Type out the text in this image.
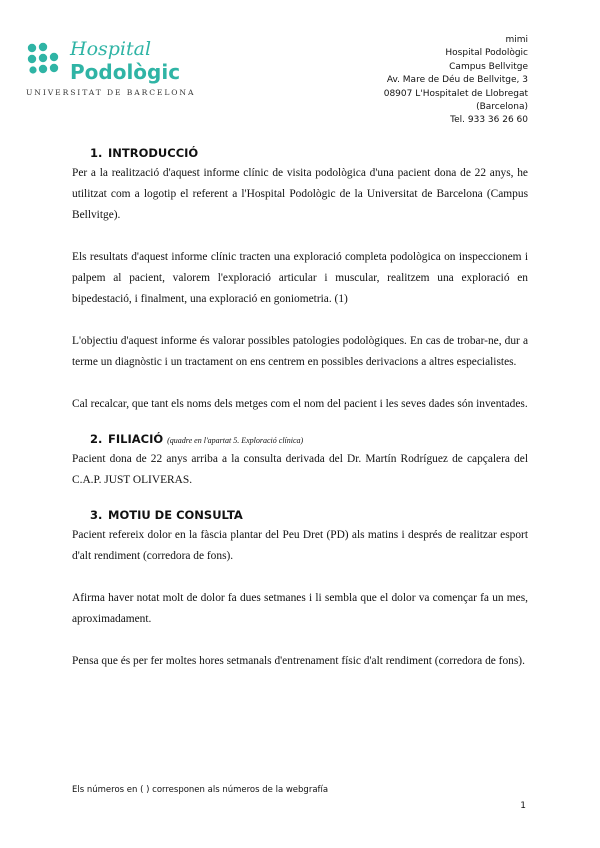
Hospital
Podològic
UNIVERSITAT DE BARCELONA
mimi
Hospital Podològic
Campus Bellvitge
Av. Mare de Déu de Bellvitge, 3
08907 L'Hospitalet de Llobregat
(Barcelona)
Tel. 933 36 26 60
1. INTRODUCCIÓ

Per a la realització d'aquest informe clínic de visita podològica d'una pacient dona de 22 anys, he utilitzat com a logotip el referent a l'Hospital Podològic de la Universitat de Barcelona (Campus Bellvitge).

Els resultats d'aquest informe clínic tracten una exploració completa podològica on inspeccionem i palpem al pacient, valorem l'exploració articular i muscular, realitzem una exploració en bipedestació, i finalment, una exploració en goniometria. (1)

L'objectiu d'aquest informe és valorar possibles patologies podològiques. En cas de trobar-ne, dur a terme un diagnòstic i un tractament on ens centrem en possibles derivacions a altres especialistes.

Cal recalcar, que tant els noms dels metges com el nom del pacient i les seves dades són inventades.

2. FILIACIÓ (quadre en l'apartat 5. Exploració clínica)

Pacient dona de 22 anys arriba a la consulta derivada del Dr. Martín Rodríguez de capçalera del C.A.P. JUST OLIVERAS.

3. MOTIU DE CONSULTA

Pacient refereix dolor en la fàscia plantar del Peu Dret (PD) als matins i després de realitzar esport d'alt rendiment (corredora de fons).

Afirma haver notat molt de dolor fa dues setmanes i li sembla que el dolor va començar fa un mes, aproximadament.

Pensa que és per fer moltes hores setmanals d'entrenament físic d'alt rendiment (corredora de fons).

Els números en ( ) corresponen als números de la webgrafía
1
